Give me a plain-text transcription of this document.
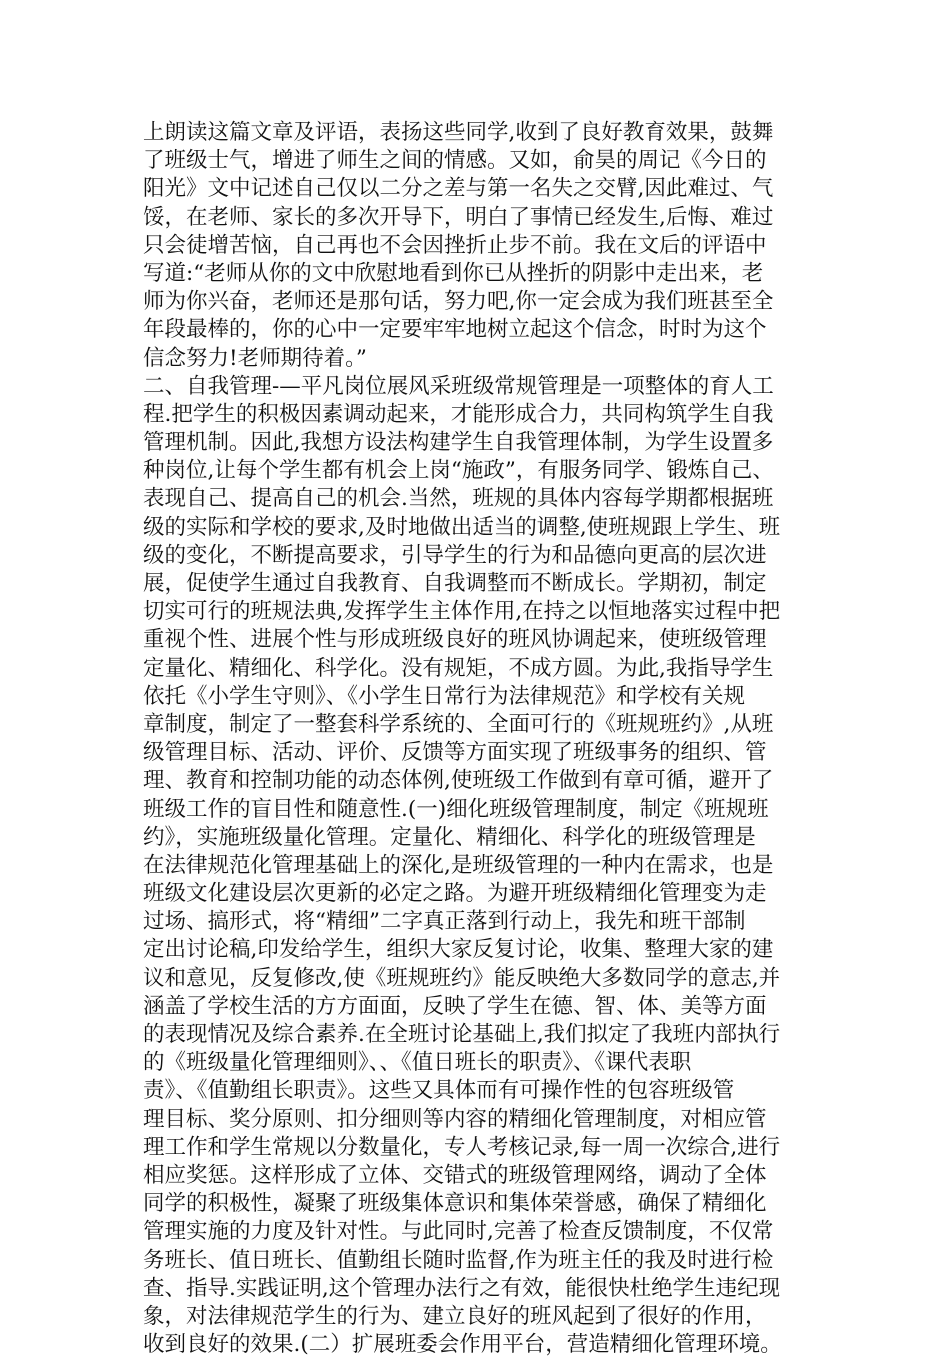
上朗读这篇文章及评语，表扬这些同学,收到了良好教育效果，鼓舞
了班级士气，增进了师生之间的情感。又如，俞昊的周记《今日的
阳光》文中记述自己仅以二分之差与第一名失之交臂,因此难过、气
馁，在老师、家长的多次开导下，明白了事情已经发生,后悔、难过
只会徒增苦恼，自己再也不会因挫折止步不前。我在文后的评语中
写道:“老师从你的文中欣慰地看到你已从挫折的阴影中走出来，老
师为你兴奋，老师还是那句话，努力吧,你一定会成为我们班甚至全
年段最棒的，你的心中一定要牢牢地树立起这个信念，时时为这个
信念努力!老师期待着。”
二、自我管理-—平凡岗位展风采班级常规管理是一项整体的育人工
程.把学生的积极因素调动起来，才能形成合力，共同构筑学生自我
管理机制。因此,我想方设法构建学生自我管理体制，为学生设置多
种岗位,让每个学生都有机会上岗“施政”，有服务同学、锻炼自己、
表现自己、提高自己的机会.当然，班规的具体内容每学期都根据班
级的实际和学校的要求,及时地做出适当的调整,使班规跟上学生、班
级的变化，不断提高要求，引导学生的行为和品德向更高的层次进
展，促使学生通过自我教育、自我调整而不断成长。学期初，制定
切实可行的班规法典,发挥学生主体作用,在持之以恒地落实过程中把
重视个性、进展个性与形成班级良好的班风协调起来，使班级管理
定量化、精细化、科学化。没有规矩，不成方圆。为此,我指导学生
依托《小学生守则》、《小学生日常行为法律规范》和学校有关规
章制度，制定了一整套科学系统的、全面可行的《班规班约》,从班
级管理目标、活动、评价、反馈等方面实现了班级事务的组织、管
理、教育和控制功能的动态体例,使班级工作做到有章可循，避开了
班级工作的盲目性和随意性.(一)细化班级管理制度，制定《班规班
约》，实施班级量化管理。定量化、精细化、科学化的班级管理是
在法律规范化管理基础上的深化,是班级管理的一种内在需求，也是
班级文化建设层次更新的必定之路。为避开班级精细化管理变为走
过场、搞形式，将“精细”二字真正落到行动上，我先和班干部制
定出讨论稿,印发给学生，组织大家反复讨论，收集、整理大家的建
议和意见，反复修改,使《班规班约》能反映绝大多数同学的意志,并
涵盖了学校生活的方方面面，反映了学生在德、智、体、美等方面
的表现情况及综合素养.在全班讨论基础上,我们拟定了我班内部执行
的《班级量化管理细则》、、《值日班长的职责》、《课代表职
责》、《值勤组长职责》。这些又具体而有可操作性的包容班级管
理目标、奖分原则、扣分细则等内容的精细化管理制度，对相应管
理工作和学生常规以分数量化，专人考核记录,每一周一次综合,进行
相应奖惩。这样形成了立体、交错式的班级管理网络，调动了全体
同学的积极性，凝聚了班级集体意识和集体荣誉感，确保了精细化
管理实施的力度及针对性。与此同时,完善了检查反馈制度，不仅常
务班长、值日班长、值勤组长随时监督,作为班主任的我及时进行检
查、指导.实践证明,这个管理办法行之有效，能很快杜绝学生违纪现
象，对法律规范学生的行为、建立良好的班风起到了很好的作用，
收到良好的效果.(二）扩展班委会作用平台，营造精细化管理环境。
